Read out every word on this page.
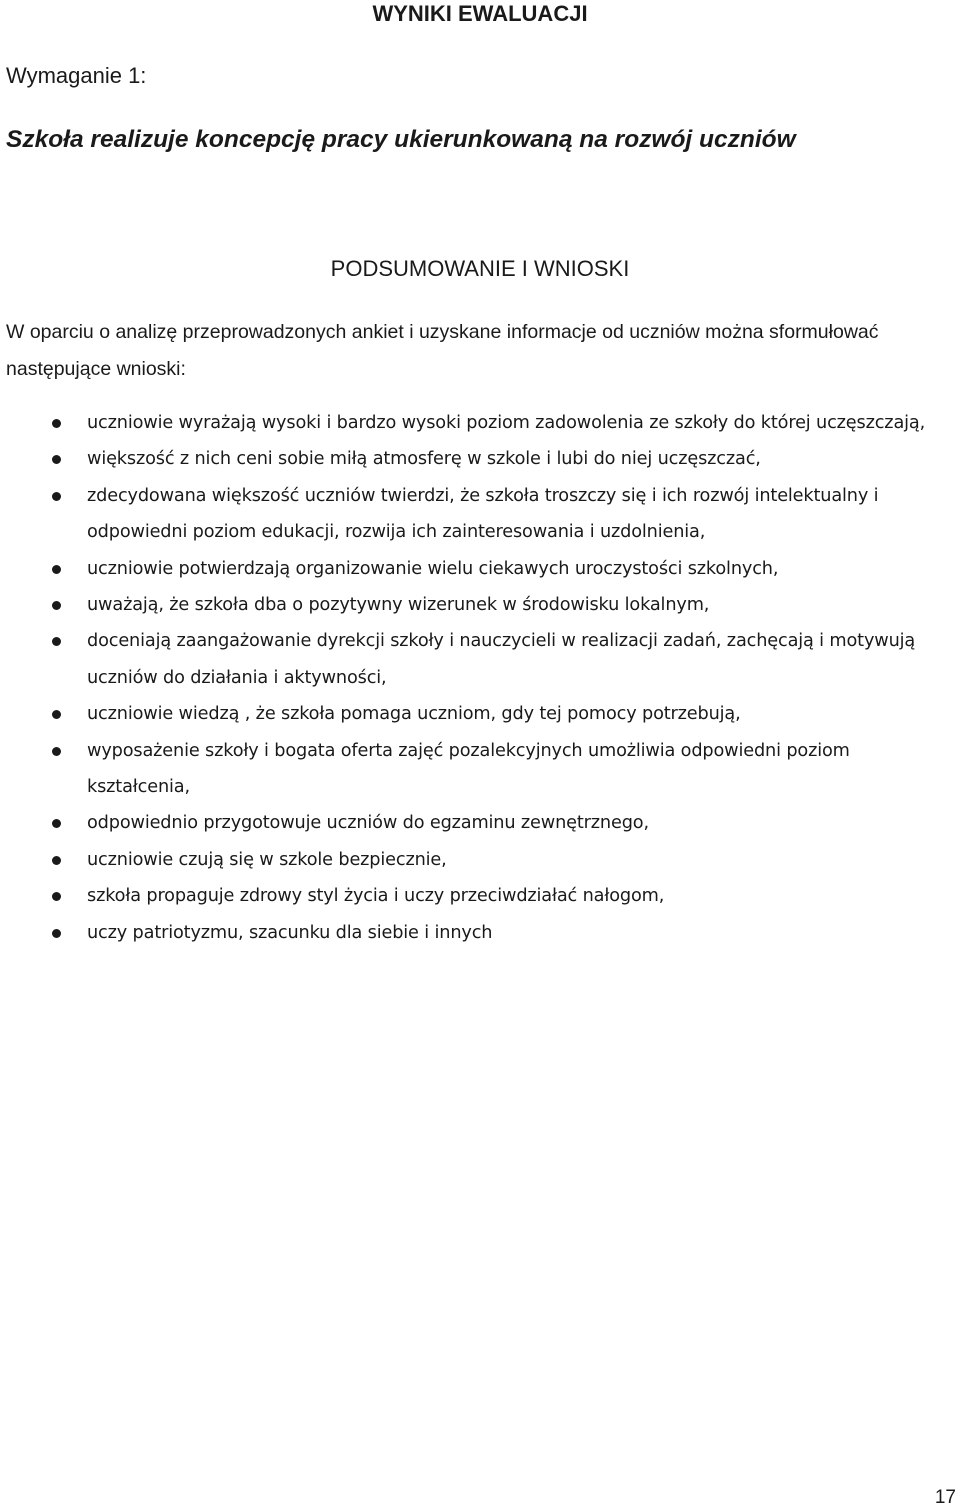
WYNIKI EWALUACJI
Wymaganie 1:
Szkoła realizuje koncepcję pracy ukierunkowaną na rozwój uczniów
PODSUMOWANIE I WNIOSKI
W oparciu o analizę przeprowadzonych ankiet i uzyskane informacje od uczniów można sformułować następujące wnioski:
uczniowie wyrażają wysoki i bardzo wysoki poziom zadowolenia ze szkoły do której uczęszczają,
większość z nich ceni sobie miłą atmosferę w szkole i lubi do niej uczęszczać,
zdecydowana większość uczniów twierdzi, że szkoła troszczy się i ich rozwój intelektualny i odpowiedni poziom edukacji, rozwija ich zainteresowania i uzdolnienia,
uczniowie potwierdzają organizowanie wielu ciekawych uroczystości szkolnych,
uważają, że szkoła dba o pozytywny wizerunek w środowisku lokalnym,
doceniają zaangażowanie dyrekcji szkoły i nauczycieli w realizacji zadań, zachęcają i motywują uczniów do działania i aktywności,
uczniowie wiedzą , że szkoła pomaga uczniom, gdy tej pomocy potrzebują,
wyposażenie szkoły i bogata oferta zajęć pozalekcyjnych umożliwia odpowiedni poziom kształcenia,
odpowiednio przygotowuje uczniów do egzaminu zewnętrznego,
uczniowie czują się w szkole bezpiecznie,
szkoła propaguje zdrowy styl życia i uczy przeciwdziałać nałogom,
uczy patriotyzmu, szacunku dla siebie i innych
17
